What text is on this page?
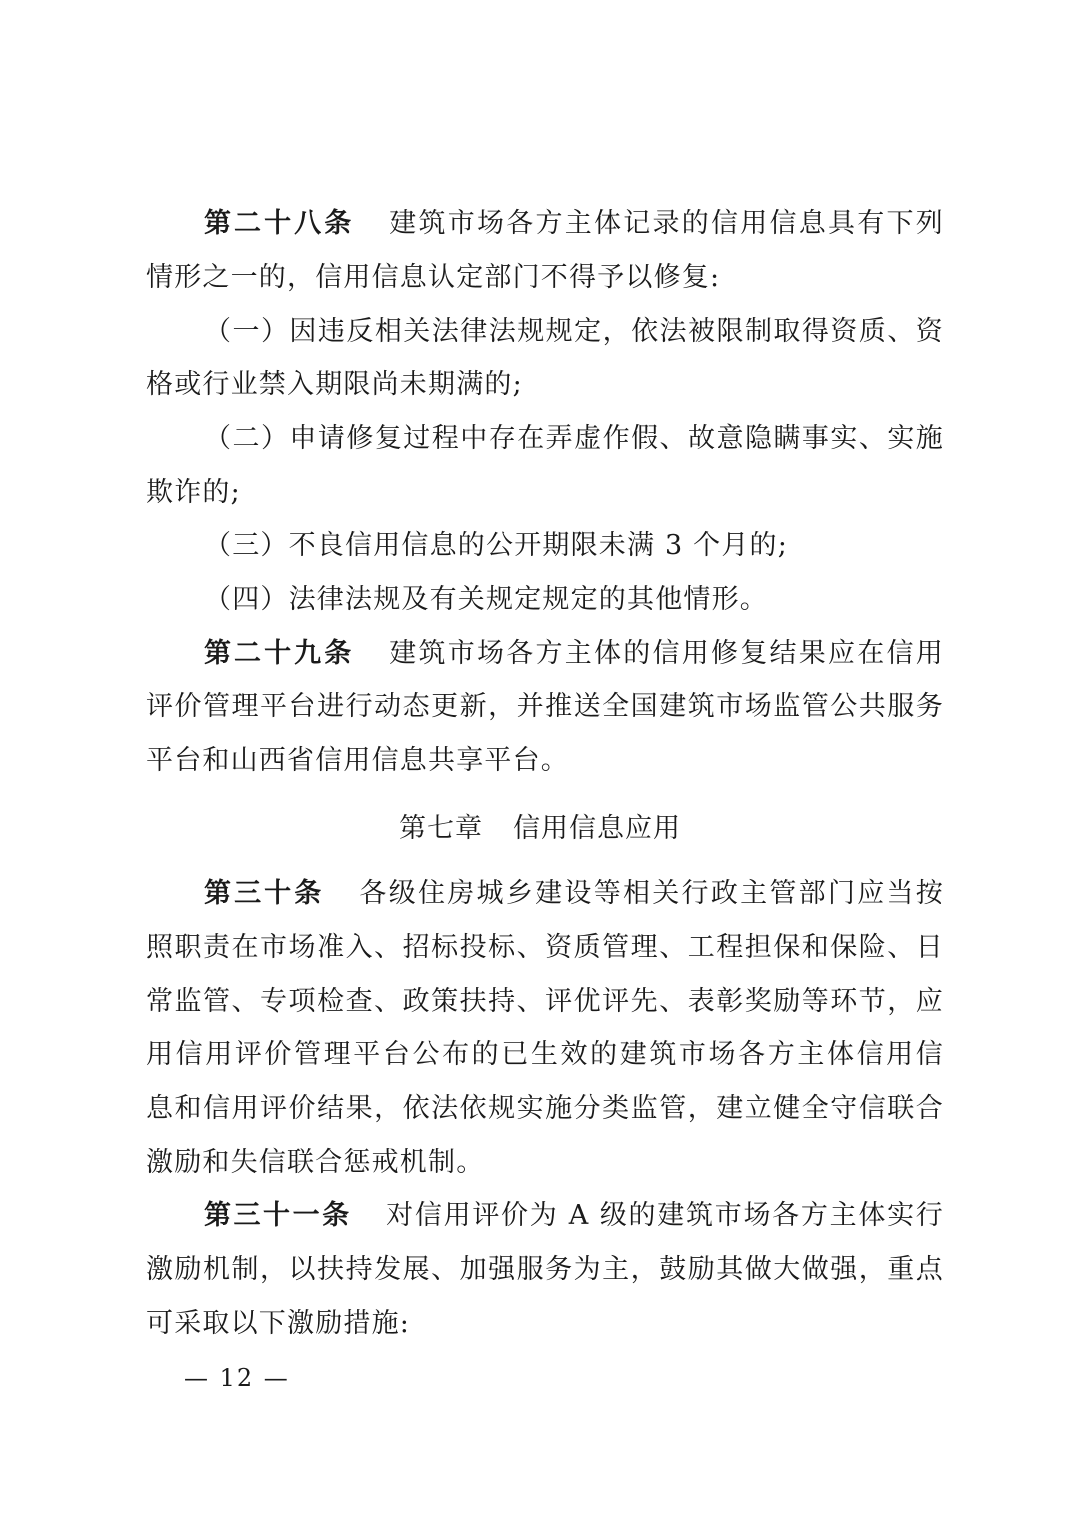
第二十八条 建筑市场各方主体记录的信用信息具有下列
情形之一的，信用信息认定部门不得予以修复:
（一）因违反相关法律法规规定，依法被限制取得资质、资
格或行业禁入期限尚未期满的;
（二）申请修复过程中存在弄虚作假、故意隐瞒事实、实施
欺诈的;
（三）不良信用信息的公开期限未满 3 个月的;
（四）法律法规及有关规定规定的其他情形。
第二十九条 建筑市场各方主体的信用修复结果应在信用
评价管理平台进行动态更新，并推送全国建筑市场监管公共服务
平台和山西省信用信息共享平台。
第七章 信用信息应用
第三十条 各级住房城乡建设等相关行政主管部门应当按
照职责在市场准入、招标投标、资质管理、工程担保和保险、日
常监管、专项检查、政策扶持、评优评先、表彰奖励等环节，应
用信用评价管理平台公布的已生效的建筑市场各方主体信用信
息和信用评价结果，依法依规实施分类监管，建立健全守信联合
激励和失信联合惩戒机制。
第三十一条 对信用评价为 A 级的建筑市场各方主体实行
激励机制，以扶持发展、加强服务为主，鼓励其做大做强，重点
可采取以下激励措施:
— 12 —
